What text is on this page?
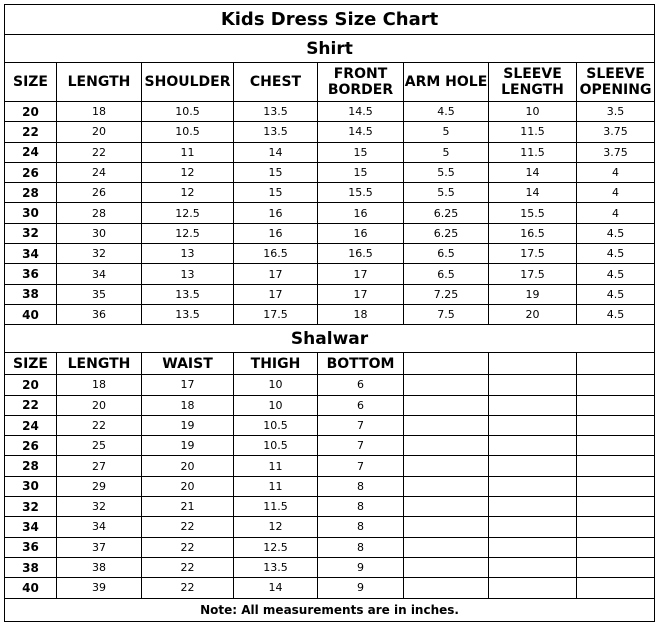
Kids Dress Size Chart							
Shirt							
SIZE	LENGTH	SHOULDER	CHEST	FRONT BORDER	ARM HOLE	SLEEVE LENGTH	SLEEVE OPENING
20	18	10.5	13.5	14.5	4.5	10	3.5
22	20	10.5	13.5	14.5	5	11.5	3.75
24	22	11	14	15	5	11.5	3.75
26	24	12	15	15	5.5	14	4
28	26	12	15	15.5	5.5	14	4
30	28	12.5	16	16	6.25	15.5	4
32	30	12.5	16	16	6.25	16.5	4.5
34	32	13	16.5	16.5	6.5	17.5	4.5
36	34	13	17	17	6.5	17.5	4.5
38	35	13.5	17	17	7.25	19	4.5
40	36	13.5	17.5	18	7.5	20	4.5
Shalwar							
SIZE	LENGTH	WAIST	THIGH	BOTTOM			
20	18	17	10	6			
22	20	18	10	6			
24	22	19	10.5	7			
26	25	19	10.5	7			
28	27	20	11	7			
30	29	20	11	8			
32	32	21	11.5	8			
34	34	22	12	8			
36	37	22	12.5	8			
38	38	22	13.5	9			
40	39	22	14	9			
Note: All measurements are in inches.							
